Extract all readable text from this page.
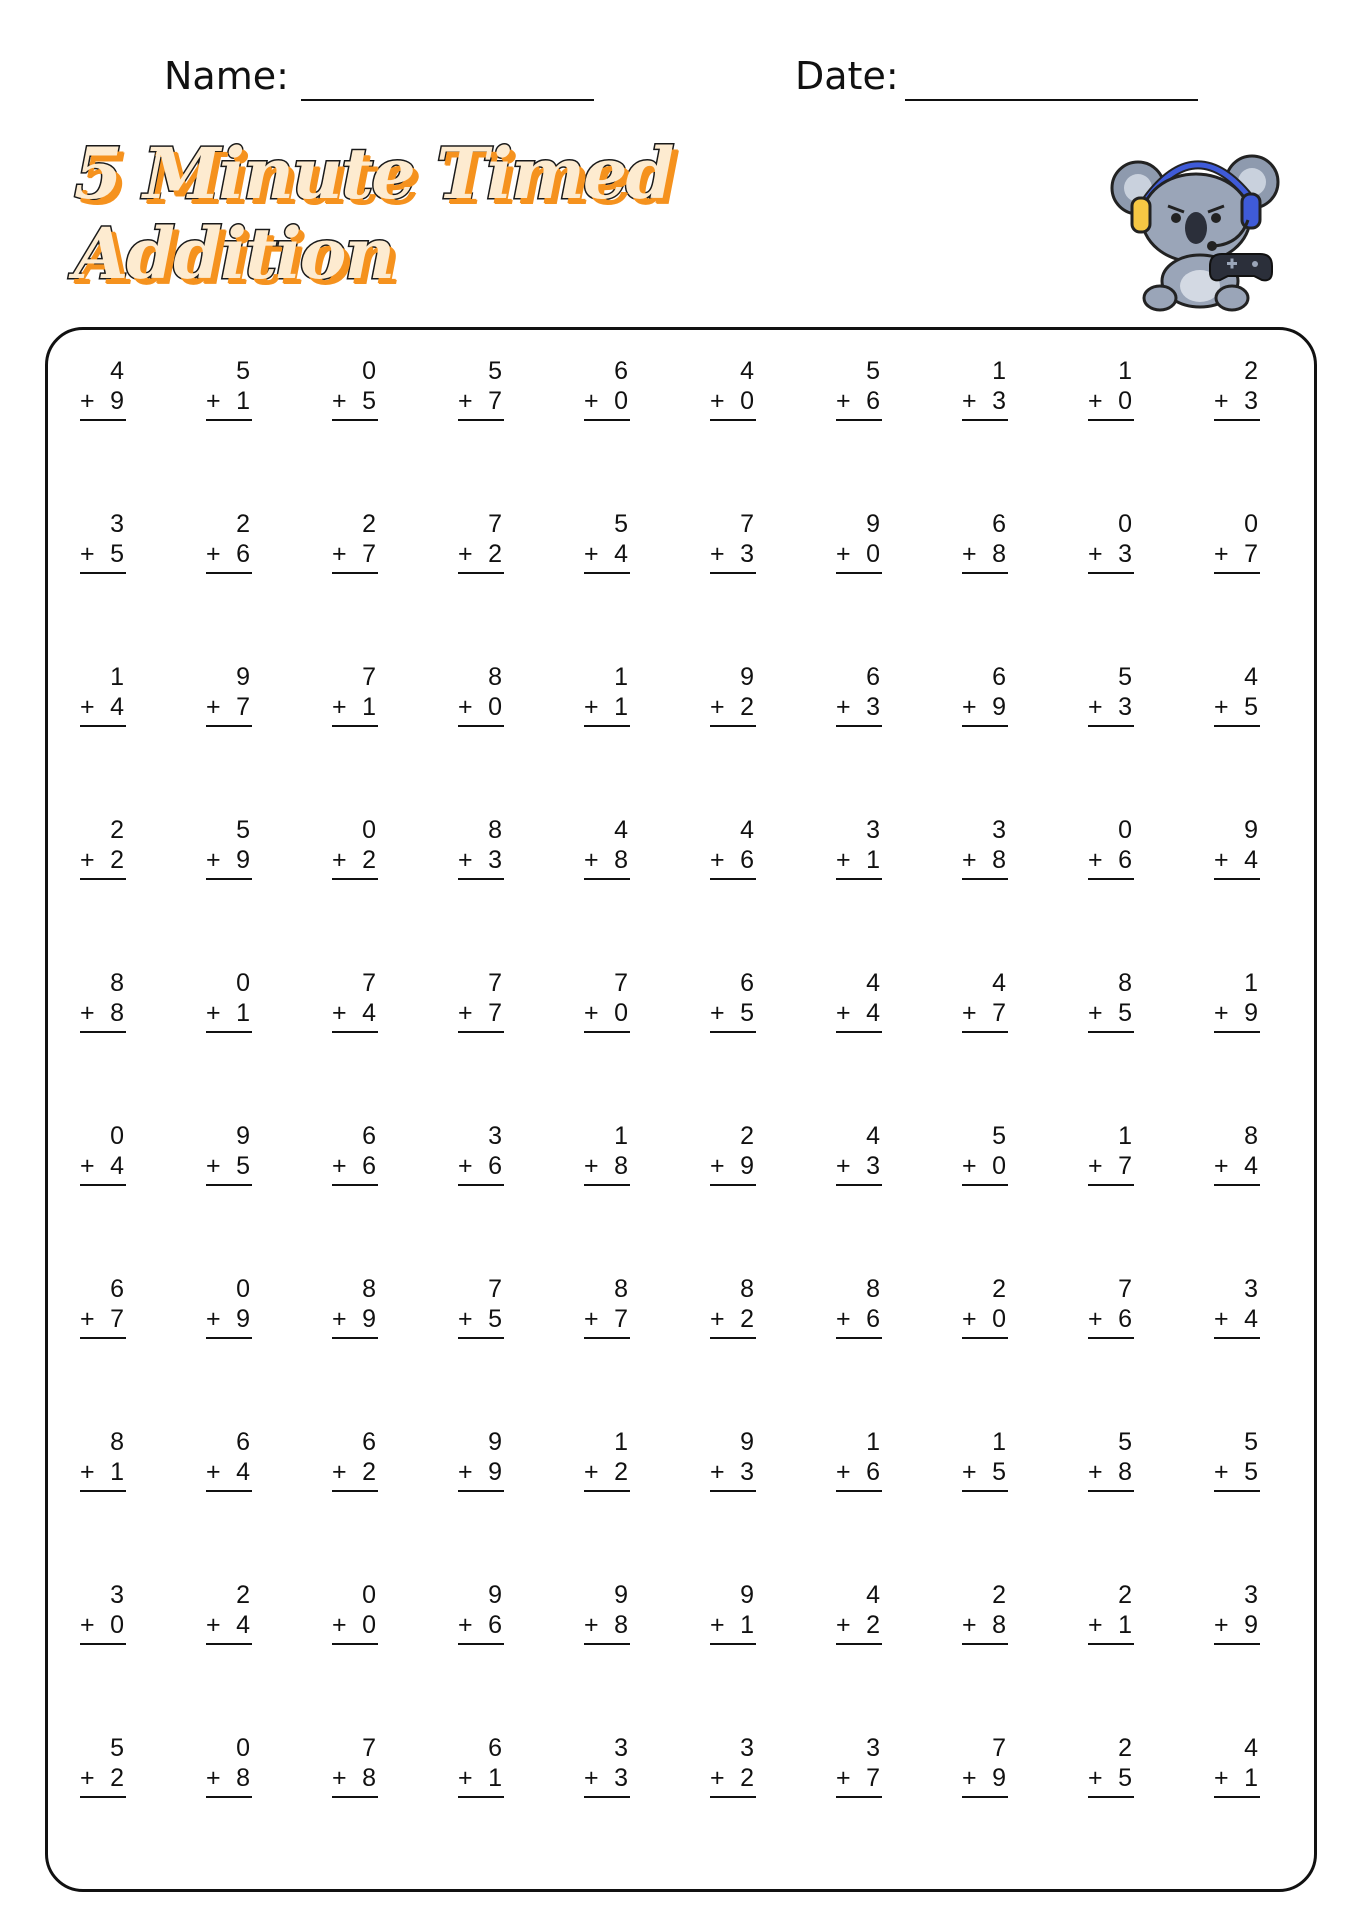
Name:	Date:
5 Minute Timed
Addition
4
+ 9
5
+ 1
0
+ 5
5
+ 7
6
+ 0
4
+ 0
5
+ 6
1
+ 3
1
+ 0
2
+ 3
3
+ 5
2
+ 6
2
+ 7
7
+ 2
5
+ 4
7
+ 3
9
+ 0
6
+ 8
0
+ 3
0
+ 7
1
+ 4
9
+ 7
7
+ 1
8
+ 0
1
+ 1
9
+ 2
6
+ 3
6
+ 9
5
+ 3
4
+ 5
2
+ 2
5
+ 9
0
+ 2
8
+ 3
4
+ 8
4
+ 6
3
+ 1
3
+ 8
0
+ 6
9
+ 4
8
+ 8
0
+ 1
7
+ 4
7
+ 7
7
+ 0
6
+ 5
4
+ 4
4
+ 7
8
+ 5
1
+ 9
0
+ 4
9
+ 5
6
+ 6
3
+ 6
1
+ 8
2
+ 9
4
+ 3
5
+ 0
1
+ 7
8
+ 4
6
+ 7
0
+ 9
8
+ 9
7
+ 5
8
+ 7
8
+ 2
8
+ 6
2
+ 0
7
+ 6
3
+ 4
8
+ 1
6
+ 4
6
+ 2
9
+ 9
1
+ 2
9
+ 3
1
+ 6
1
+ 5
5
+ 8
5
+ 5
3
+ 0
2
+ 4
0
+ 0
9
+ 6
9
+ 8
9
+ 1
4
+ 2
2
+ 8
2
+ 1
3
+ 9
5
+ 2
0
+ 8
7
+ 8
6
+ 1
3
+ 3
3
+ 2
3
+ 7
7
+ 9
2
+ 5
4
+ 1
